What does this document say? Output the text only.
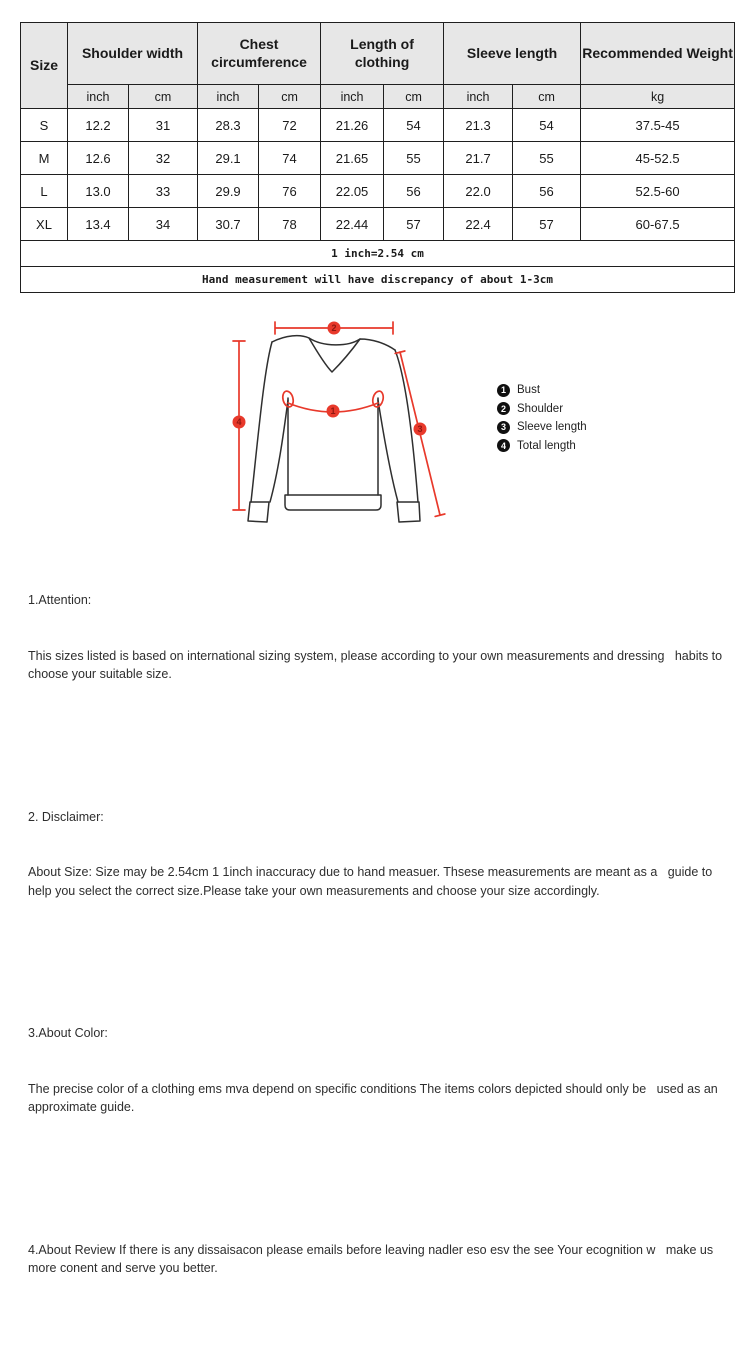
Size	Shoulder width		Chest circumference		Length of clothing		Sleeve length		Recommended Weight
	inch	cm	inch	cm	inch	cm	inch	cm	kg
S	12.2	31	28.3	72	21.26	54	21.3	54	37.5-45
M	12.6	32	29.1	74	21.65	55	21.7	55	45-52.5
L	13.0	33	29.9	76	22.05	56	22.0	56	52.5-60
XL	13.4	34	30.7	78	22.44	57	22.4	57	60-67.5
1 inch=2.54 cm									
Hand measurement will have discrepancy of about 1-3cm									
1
2
3
4
1 Bust
2 Shoulder
3 Sleeve length
4 Total length

1.Attention:

This sizes listed is based on international sizing system, please according to your own measurements and dressing   habits to choose your suitable size.

2. Disclaimer:

About Size: Size may be 2.54cm 1 1inch inaccuracy due to hand measuer. Thsese measurements are meant as a   guide to help you select the correct size.Please take your own measurements and choose your size accordingly.

3.About Color:

The precise color of a clothing ems mva depend on specific conditions The items colors depicted should only be   used as an approximate guide.

4.About Review If there is any dissaisacon please emails before leaving nadler eso esv the see Your ecognition w   make us more conent and serve you better.
